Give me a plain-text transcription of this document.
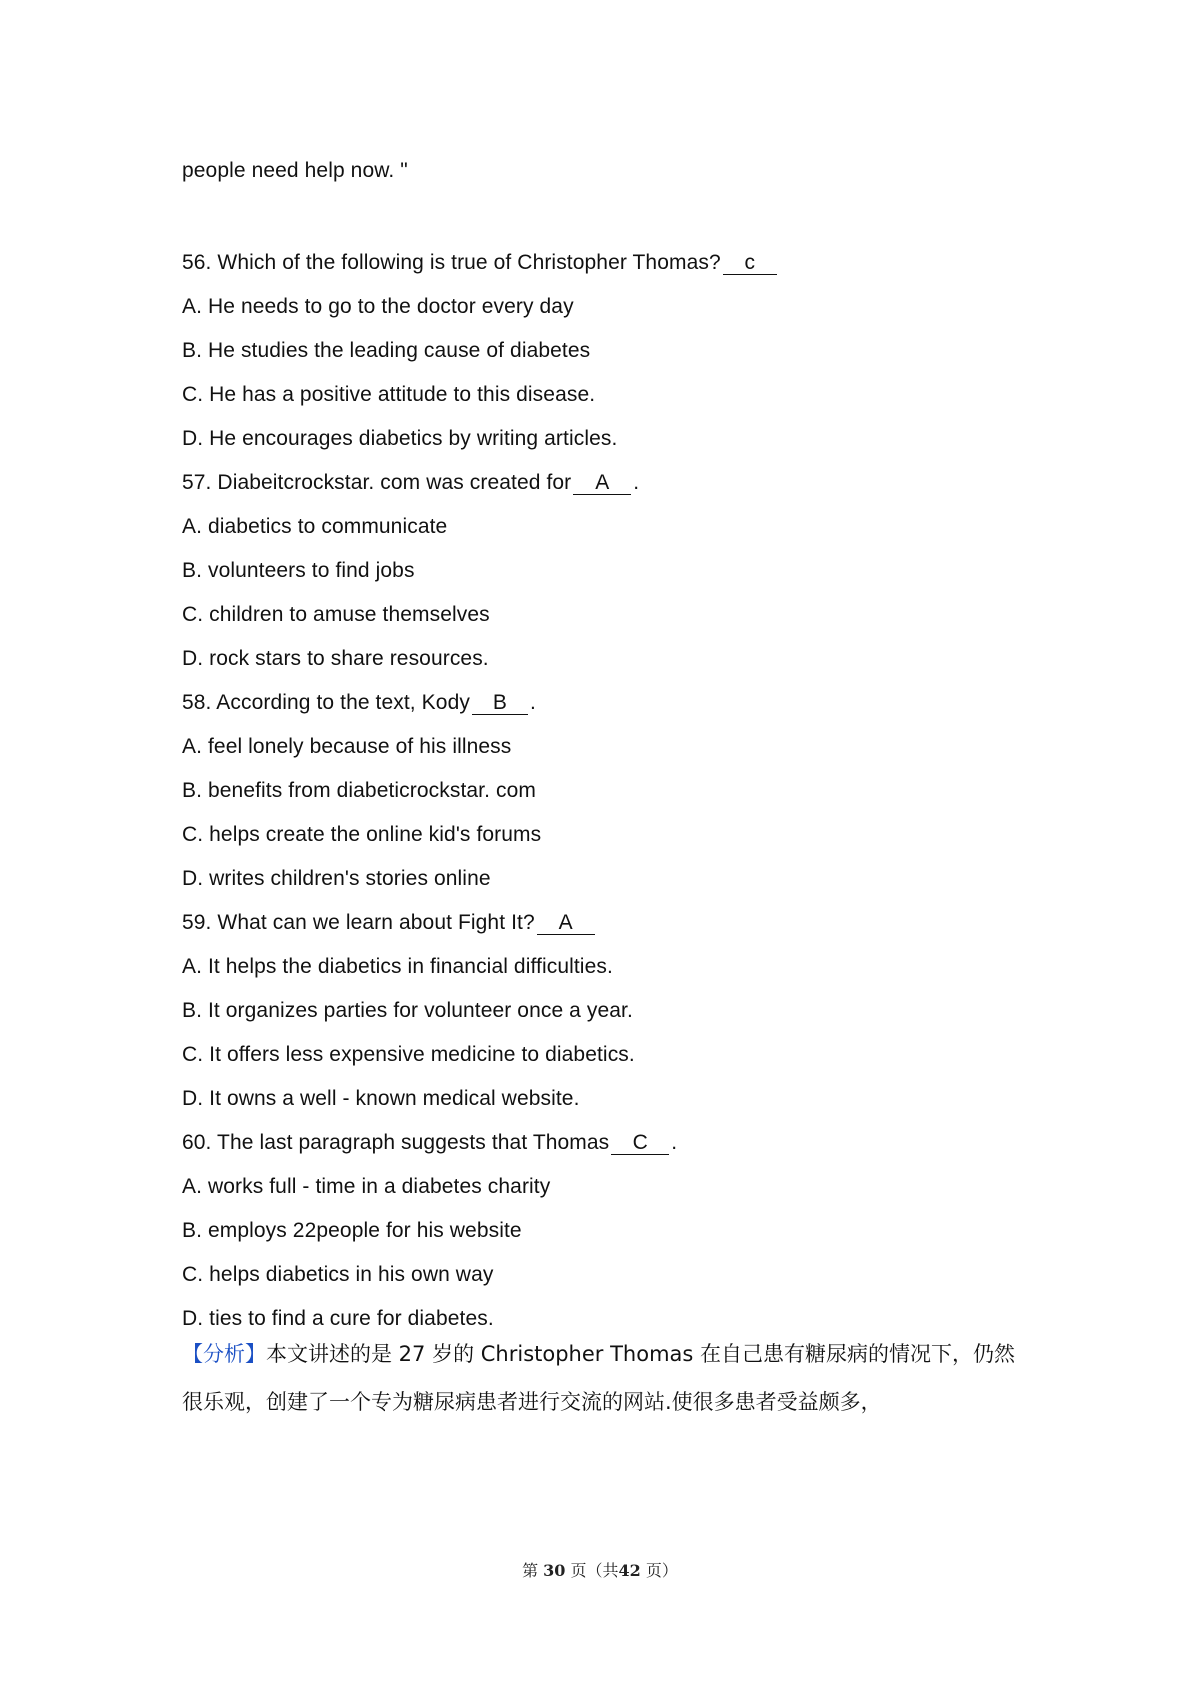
people need help now. "
56. Which of the following is true of Christopher Thomas? c
A. He needs to go to the doctor every day
B. He studies the leading cause of diabetes
C. He has a positive attitude to this disease.
D. He encourages diabetics by writing articles.
57. Diabeitcrockstar. com was created for A .
A. diabetics to communicate
B. volunteers to find jobs
C. children to amuse themselves
D. rock stars to share resources.
58. According to the text, Kody B .
A. feel lonely because of his illness
B. benefits from diabeticrockstar. com
C. helps create the online kid's forums
D. writes children's stories online
59. What can we learn about Fight It? A
A. It helps the diabetics in financial difficulties.
B. It organizes parties for volunteer once a year.
C. It offers less expensive medicine to diabetics.
D. It owns a well - known medical website.
60. The last paragraph suggests that Thomas C .
A. works full - time in a diabetes charity
B. employs 22people for his website
C. helps diabetics in his own way
D. ties to find a cure for diabetes.
【分析】本文讲述的是 27 岁的 Christopher Thomas 在自己患有糖尿病的情况下，仍然很乐观，创建了一个专为糖尿病患者进行交流的网站.使很多患者受益颇多，
第 30 页（共42 页）
